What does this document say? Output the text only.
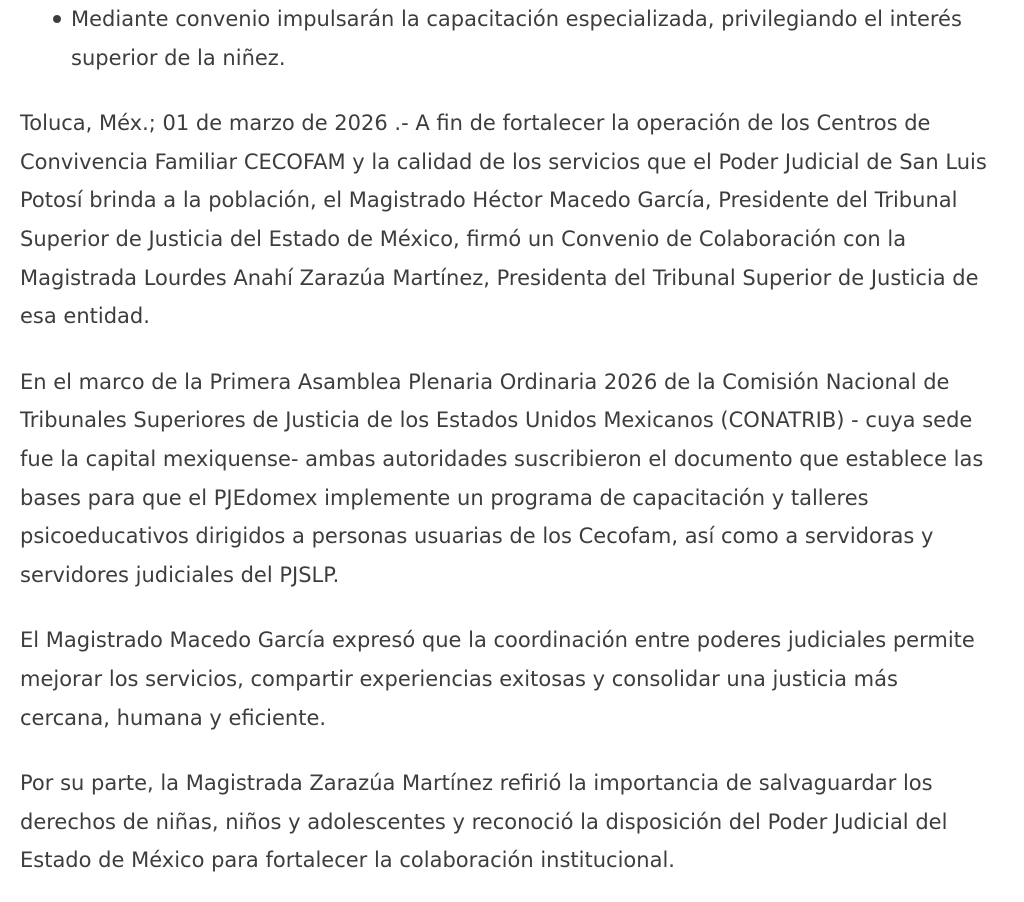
Mediante convenio impulsarán la capacitación especializada, privilegiando el interés superior de la niñez.

Toluca, Méx.; 01 de marzo de 2026 .- A fin de fortalecer la operación de los Centros de Convivencia Familiar CECOFAM y la calidad de los servicios que el Poder Judicial de San Luis Potosí brinda a la población, el Magistrado Héctor Macedo García, Presidente del Tribunal Superior de Justicia del Estado de México, firmó un Convenio de Colaboración con la Magistrada Lourdes Anahí Zarazúa Martínez, Presidenta del Tribunal Superior de Justicia de esa entidad.

En el marco de la Primera Asamblea Plenaria Ordinaria 2026 de la Comisión Nacional de Tribunales Superiores de Justicia de los Estados Unidos Mexicanos (CONATRIB) - cuya sede fue la capital mexiquense- ambas autoridades suscribieron el documento que establece las bases para que el PJEdomex implemente un programa de capacitación y talleres psicoeducativos dirigidos a personas usuarias de los Cecofam, así como a servidoras y servidores judiciales del PJSLP.

El Magistrado Macedo García expresó que la coordinación entre poderes judiciales permite mejorar los servicios, compartir experiencias exitosas y consolidar una justicia más cercana, humana y eficiente.

Por su parte, la Magistrada Zarazúa Martínez refirió la importancia de salvaguardar los derechos de niñas, niños y adolescentes y reconoció la disposición del Poder Judicial del Estado de México para fortalecer la colaboración institucional.
